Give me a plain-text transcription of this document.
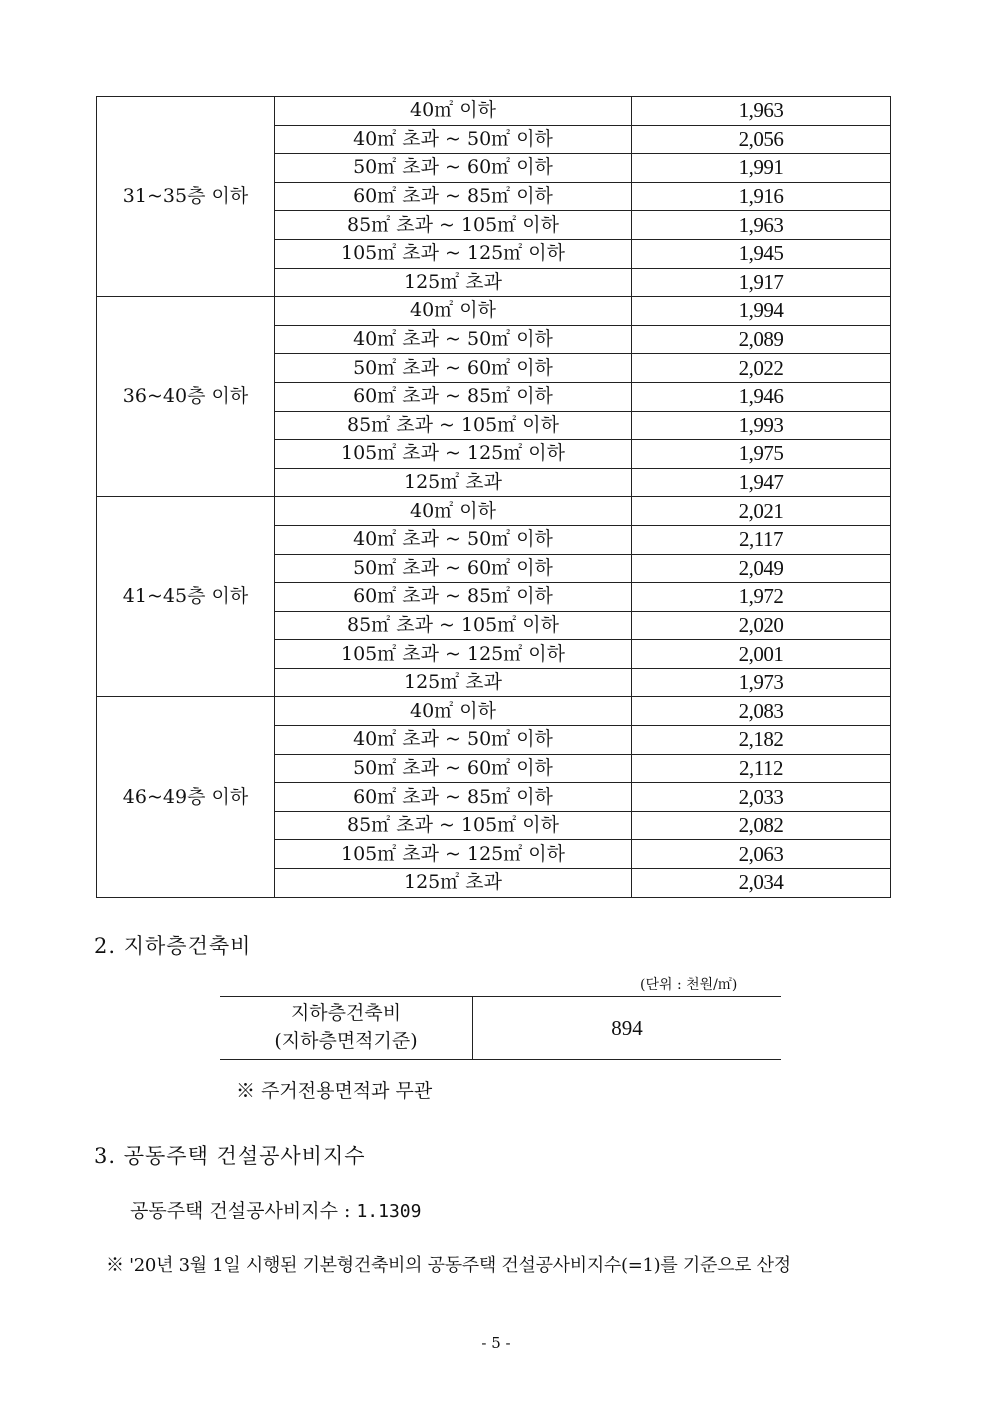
31~35층 이하	40㎡ 이하	1,963
	40㎡ 초과 ~ 50㎡ 이하	2,056
	50㎡ 초과 ~ 60㎡ 이하	1,991
	60㎡ 초과 ~ 85㎡ 이하	1,916
	85㎡ 초과 ~ 105㎡ 이하	1,963
	105㎡ 초과 ~ 125㎡ 이하	1,945
	125㎡ 초과	1,917
36~40층 이하	40㎡ 이하	1,994
	40㎡ 초과 ~ 50㎡ 이하	2,089
	50㎡ 초과 ~ 60㎡ 이하	2,022
	60㎡ 초과 ~ 85㎡ 이하	1,946
	85㎡ 초과 ~ 105㎡ 이하	1,993
	105㎡ 초과 ~ 125㎡ 이하	1,975
	125㎡ 초과	1,947
41~45층 이하	40㎡ 이하	2,021
	40㎡ 초과 ~ 50㎡ 이하	2,117
	50㎡ 초과 ~ 60㎡ 이하	2,049
	60㎡ 초과 ~ 85㎡ 이하	1,972
	85㎡ 초과 ~ 105㎡ 이하	2,020
	105㎡ 초과 ~ 125㎡ 이하	2,001
	125㎡ 초과	1,973
46~49층 이하	40㎡ 이하	2,083
	40㎡ 초과 ~ 50㎡ 이하	2,182
	50㎡ 초과 ~ 60㎡ 이하	2,112
	60㎡ 초과 ~ 85㎡ 이하	2,033
	85㎡ 초과 ~ 105㎡ 이하	2,082
	105㎡ 초과 ~ 125㎡ 이하	2,063
	125㎡ 초과	2,034
2. 지하층건축비
(단위 : 천원/㎡)
지하층건축비
(지하층면적기준)
	894
※ 주거전용면적과 무관
3. 공동주택 건설공사비지수
공동주택 건설공사비지수 : 1.1309
※ '20년 3월 1일 시행된 기본형건축비의 공동주택 건설공사비지수(=1)를 기준으로 산정
- 5 -
